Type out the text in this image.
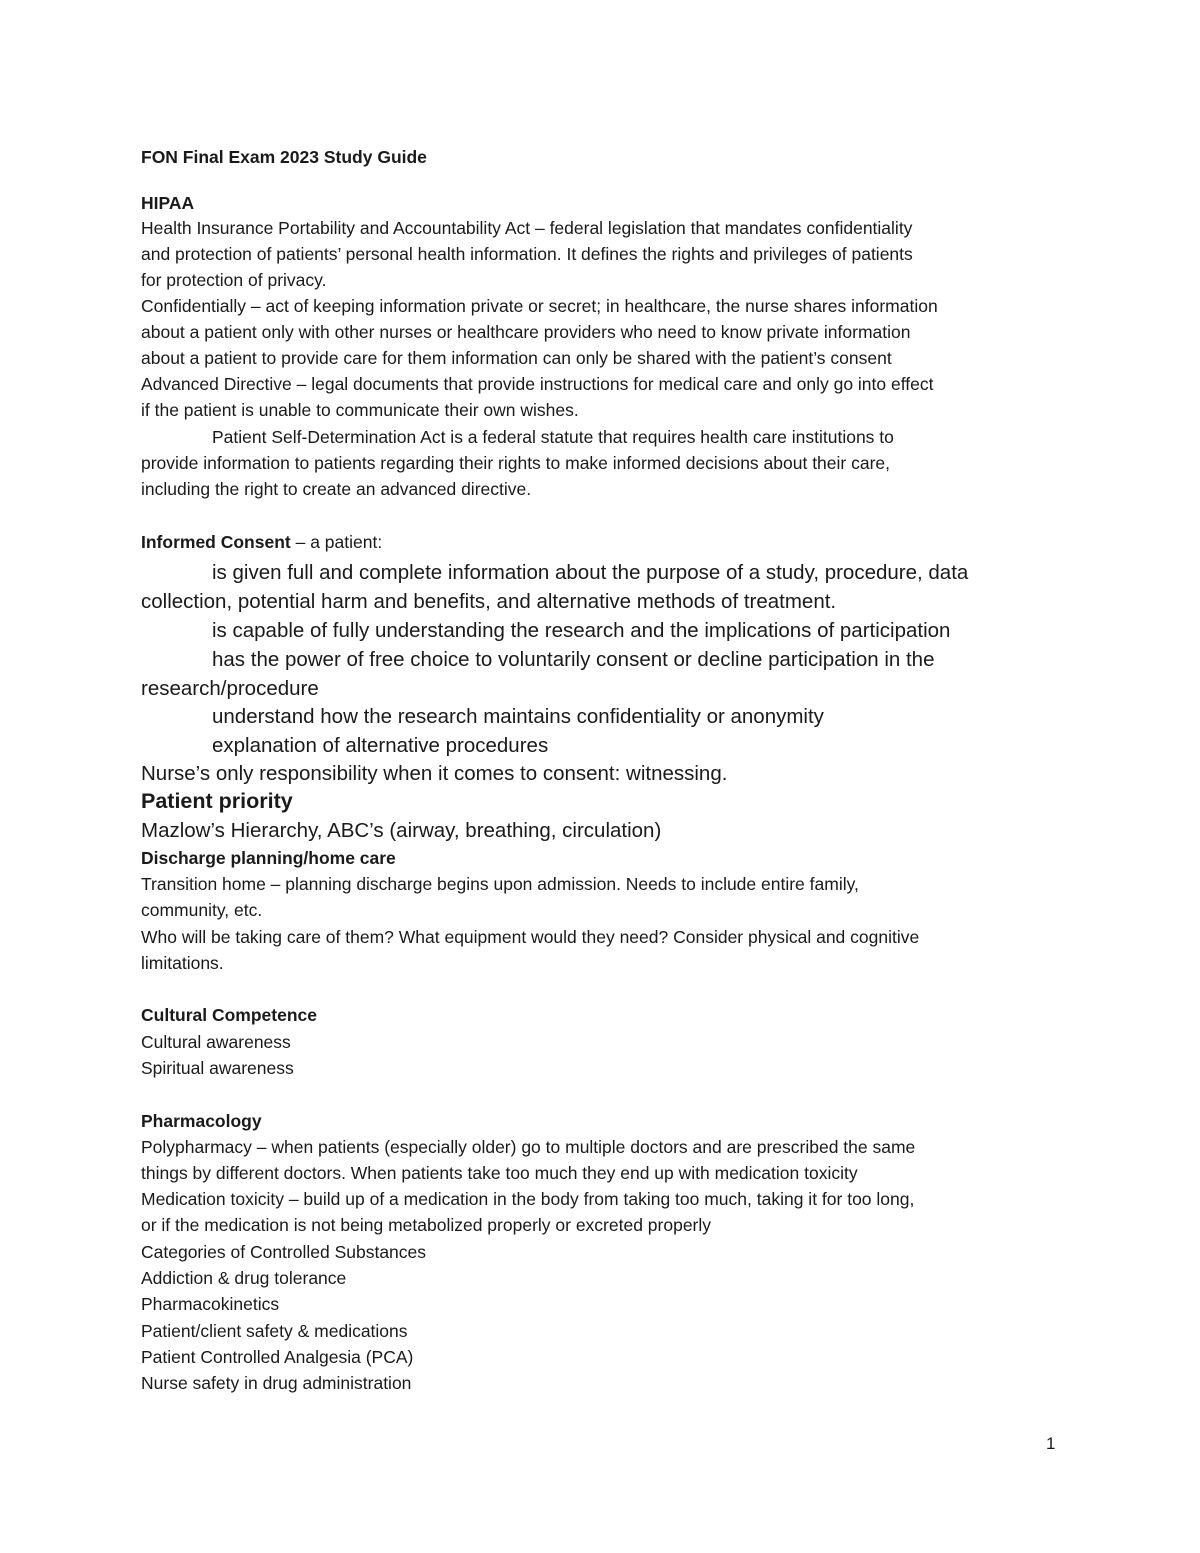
FON Final Exam 2023 Study Guide
HIPAA
Health Insurance Portability and Accountability Act – federal legislation that mandates confidentiality
and protection of patients’ personal health information. It defines the rights and privileges of patients
for protection of privacy.
Confidentially – act of keeping information private or secret; in healthcare, the nurse shares information
about a patient only with other nurses or healthcare providers who need to know private information
about a patient to provide care for them information can only be shared with the patient’s consent
Advanced Directive – legal documents that provide instructions for medical care and only go into effect
if the patient is unable to communicate their own wishes.
Patient Self-Determination Act is a federal statute that requires health care institutions to
provide information to patients regarding their rights to make informed decisions about their care,
including the right to create an advanced directive.
Informed Consent – a patient:
is given full and complete information about the purpose of a study, procedure, data
collection, potential harm and benefits, and alternative methods of treatment.
is capable of fully understanding the research and the implications of participation
has the power of free choice to voluntarily consent or decline participation in the
research/procedure
understand how the research maintains confidentiality or anonymity
explanation of alternative procedures
Nurse’s only responsibility when it comes to consent: witnessing.
Patient priority
Mazlow’s Hierarchy, ABC’s (airway, breathing, circulation)
Discharge planning/home care
Transition home – planning discharge begins upon admission. Needs to include entire family,
community, etc.
Who will be taking care of them? What equipment would they need? Consider physical and cognitive
limitations.
Cultural Competence
Cultural awareness
Spiritual awareness
Pharmacology
Polypharmacy – when patients (especially older) go to multiple doctors and are prescribed the same
things by different doctors. When patients take too much they end up with medication toxicity
Medication toxicity – build up of a medication in the body from taking too much, taking it for too long,
or if the medication is not being metabolized properly or excreted properly
Categories of Controlled Substances
Addiction & drug tolerance
Pharmacokinetics
Patient/client safety & medications
Patient Controlled Analgesia (PCA)
Nurse safety in drug administration
1
